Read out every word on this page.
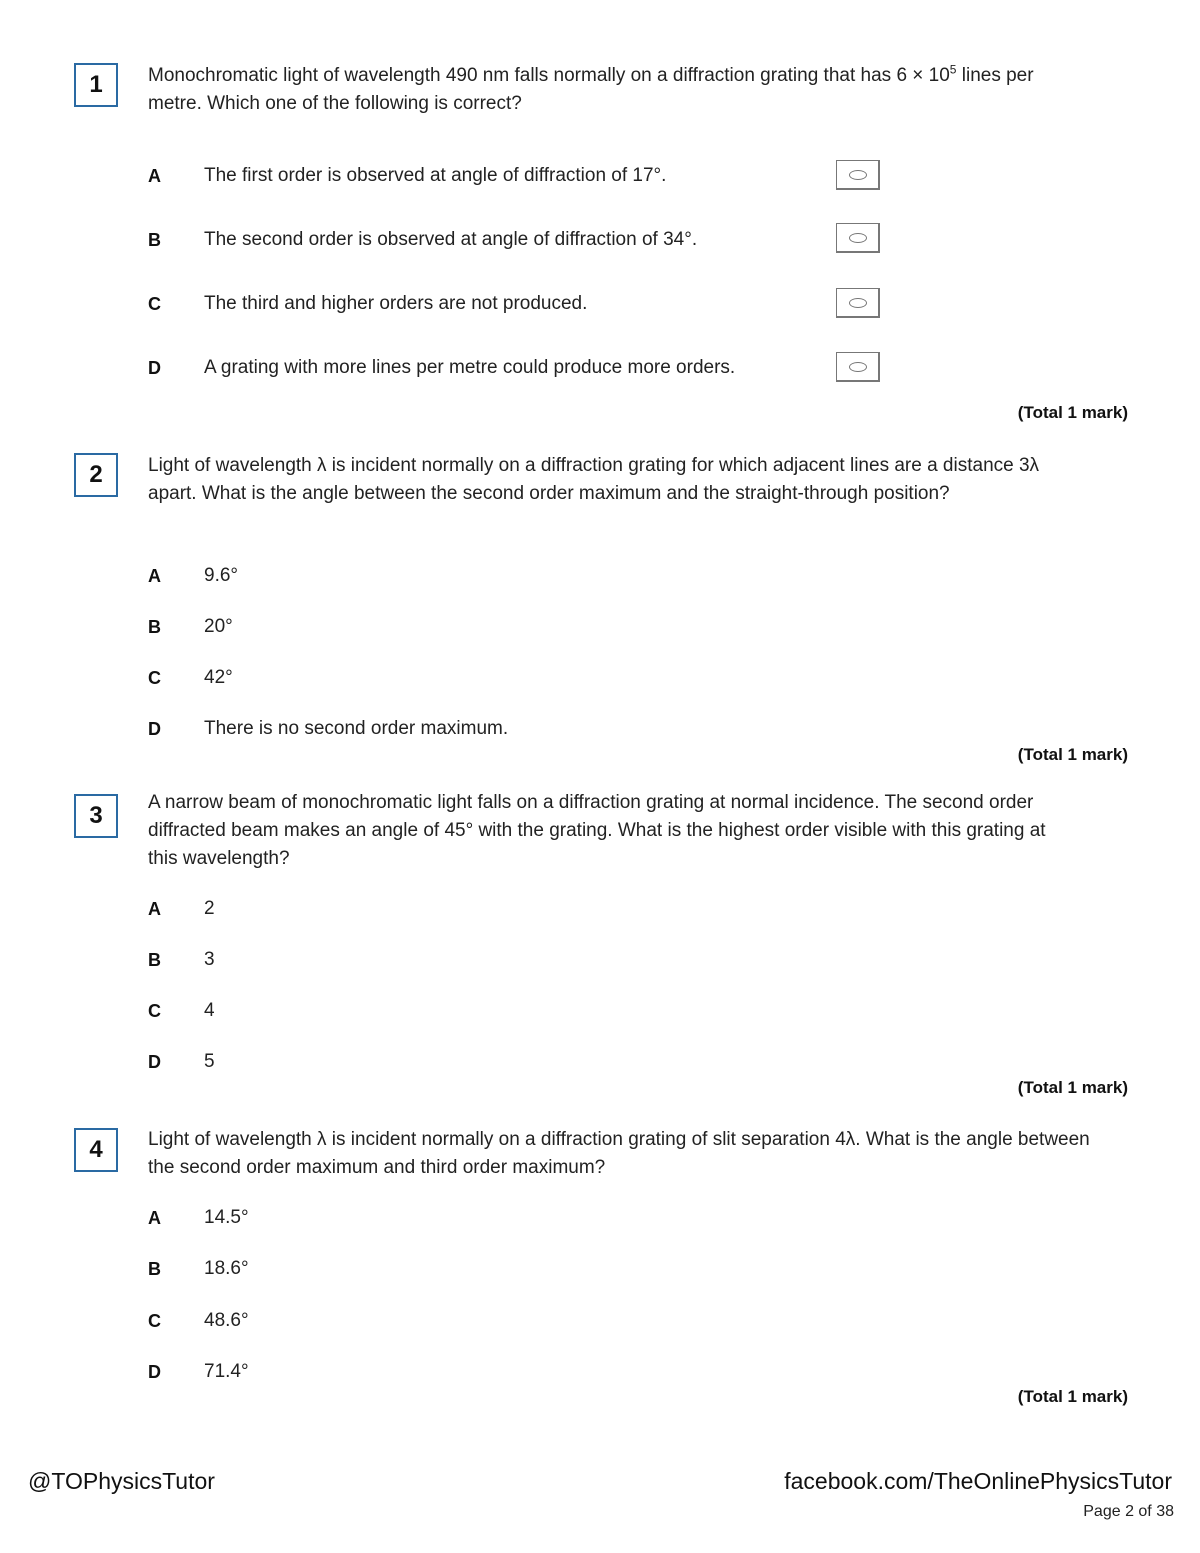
1	Monochromatic light of wavelength 490 nm falls normally on a diffraction grating that has $6 \times 10^5$ lines per metre. Which one of the following is correct?
A	The first order is observed at angle of diffraction of 17°.
B	The second order is observed at angle of diffraction of 34°.
C	The third and higher orders are not produced.
D	A grating with more lines per metre could produce more orders.
(Total 1 mark)
2	Light of wavelength λ is incident normally on a diffraction grating for which adjacent lines are a distance 3λ apart. What is the angle between the second order maximum and the straight-through position?
A	9.6°
B	20°
C	42°
D	There is no second order maximum.
(Total 1 mark)
3	A narrow beam of monochromatic light falls on a diffraction grating at normal incidence. The second order diffracted beam makes an angle of 45° with the grating. What is the highest order visible with this grating at this wavelength?
A	2
B	3
C	4
D	5
(Total 1 mark)
4	Light of wavelength λ is incident normally on a diffraction grating of slit separation 4λ. What is the angle between the second order maximum and third order maximum?
A	14.5°
B	18.6°
C	48.6°
D	71.4°
(Total 1 mark)
@TOPhysicsTutor	facebook.com/TheOnlinePhysicsTutor
Page 2 of 38
